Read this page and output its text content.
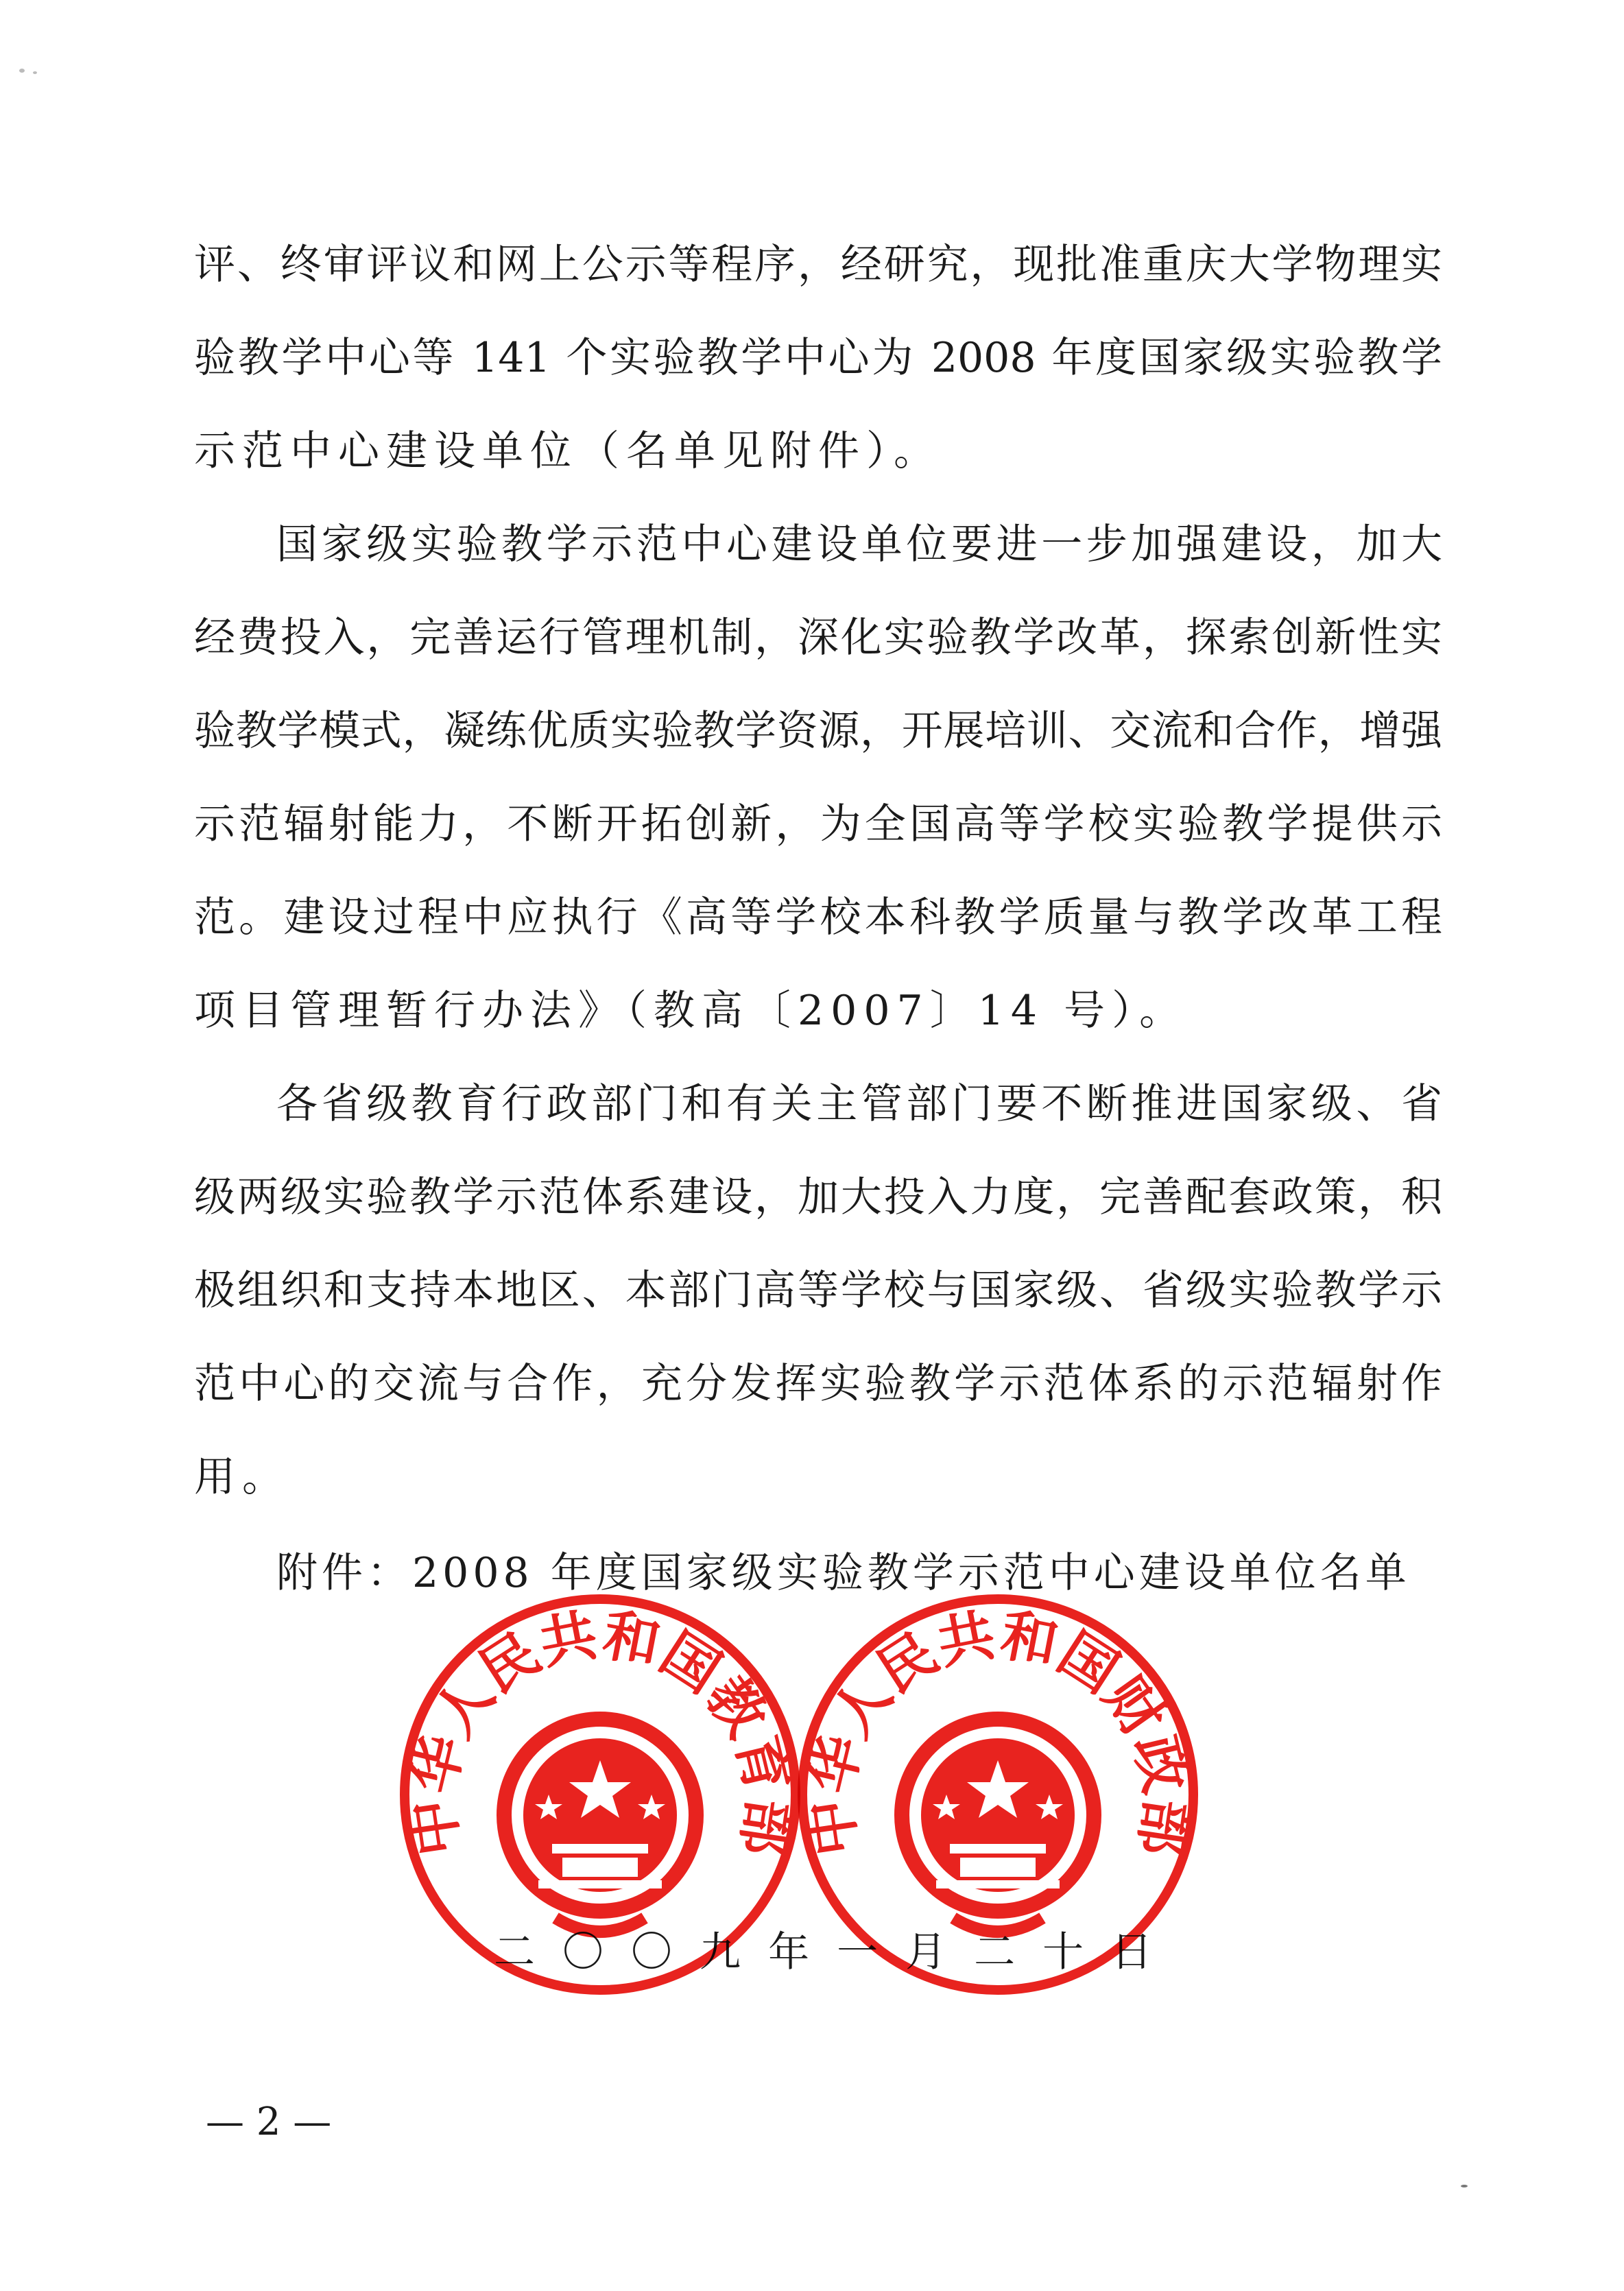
评、终审评议和网上公示等程序，经研究，现批准重庆大学物理实
验教学中心等 141 个实验教学中心为 2008 年度国家级实验教学
示范中心建设单位（名单见附件）。
国家级实验教学示范中心建设单位要进一步加强建设，加大
经费投入，完善运行管理机制，深化实验教学改革，探索创新性实
验教学模式，凝练优质实验教学资源，开展培训、交流和合作，增强
示范辐射能力，不断开拓创新，为全国高等学校实验教学提供示
范。建设过程中应执行《高等学校本科教学质量与教学改革工程
项目管理暂行办法》（教高〔2007〕14 号）。
各省级教育行政部门和有关主管部门要不断推进国家级、省
级两级实验教学示范体系建设，加大投入力度，完善配套政策，积
极组织和支持本地区、本部门高等学校与国家级、省级实验教学示
范中心的交流与合作，充分发挥实验教学示范体系的示范辐射作
用。
附件：2008 年度国家级实验教学示范中心建设单位名单
二 〇 〇 九 年 一 月 二 十 日
中华人民共和国教育部
中华人民共和国财政部
— 2 —
